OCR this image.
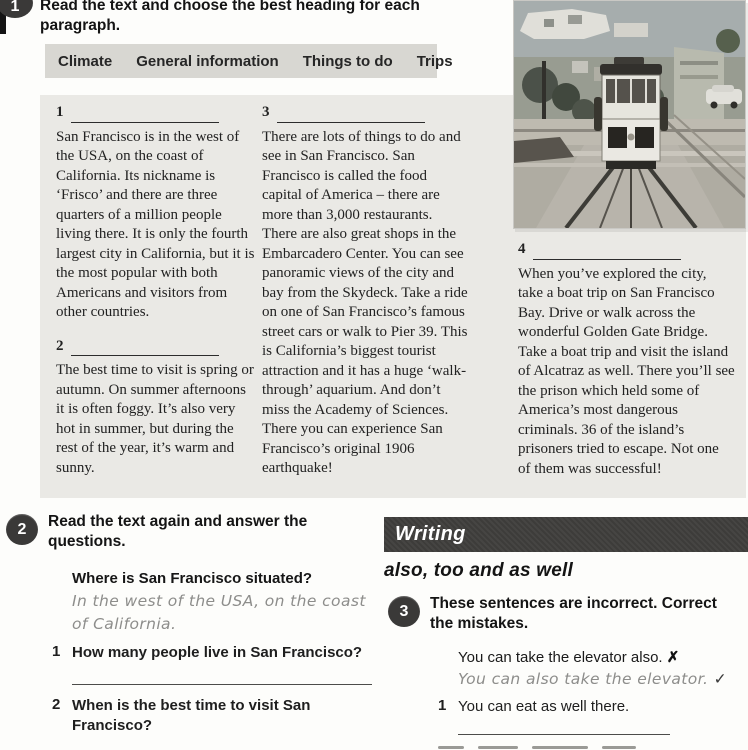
1 Read the text and choose the best heading for each paragraph.
Climate General information Things to do Trips
1

San Francisco is in the west of the USA, on the coast of California. Its nickname is ‘Frisco’ and there are three quarters of a million people living there. It is only the fourth largest city in California, but it is the most popular with both Americans and visitors from other countries.

2

The best time to visit is spring or autumn. On summer afternoons it is often foggy. It’s also very hot in summer, but during the rest of the year, it’s warm and sunny.

3

There are lots of things to do and see in San Francisco. San Francisco is called the food capital of America – there are more than 3,000 restaurants. There are also great shops in the Embarcadero Center. You can see panoramic views of the city and bay from the Skydeck. Take a ride on one of San Francisco’s famous street cars or walk to Pier 39. This is California’s biggest tourist attraction and it has a huge ‘walk-through’ aquarium. And don’t miss the Academy of Sciences. There you can experience San Francisco’s original 1906 earthquake!

4

When you’ve explored the city, take a boat trip on San Francisco Bay. Drive or walk across the wonderful Golden Gate Bridge. Take a boat trip and visit the island of Alcatraz as well. There you’ll see the prison which held some of America’s most dangerous criminals. 36 of the island’s prisoners tried to escape. Not one of them was successful!

2 Read the text again and answer the questions.
Where is San Francisco situated?
In the west of the USA, on the coast of California.
1 How many people live in San Francisco?
2 When is the best time to visit San Francisco?
Writing
also, too and as well
3 These sentences are incorrect. Correct the mistakes.
You can take the elevator also. ✗
You can also take the elevator. ✓
1 You can eat as well there.
